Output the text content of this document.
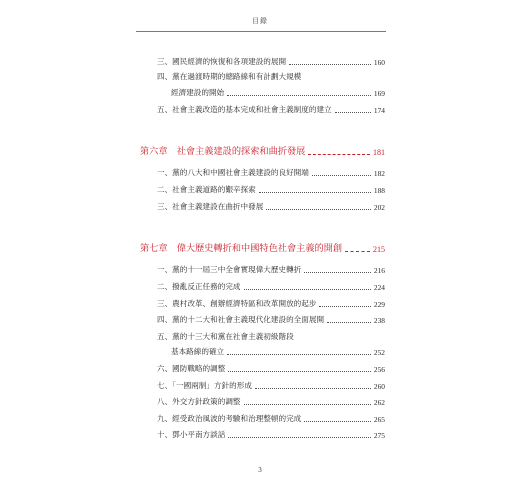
目錄
三、國民經濟的恢復和各項建設的展開	160
四、黨在過渡時期的總路線和有計劃大規模
經濟建設的開始	169
五、社會主義改造的基本完成和社會主義制度的建立	174
第六章　社會主義建設的探索和曲折發展	181
一、黨的八大和中國社會主義建設的良好開端	182
二、社會主義道路的艱辛探索	188
三、社會主義建設在曲折中發展	202
第七章　偉大歷史轉折和中國特色社會主義的開創	215
一、黨的十一屆三中全會實現偉大歷史轉折	216
二、撥亂反正任務的完成	224
三、農村改革、創辦經濟特區和改革開放的起步	229
四、黨的十二大和社會主義現代化建設的全面展開	238
五、黨的十三大和黨在社會主義初級階段
基本路線的確立	252
六、國防戰略的調整	256
七、「一國兩制」方針的形成	260
八、外交方針政策的調整	262
九、經受政治風波的考驗和治理整頓的完成	265
十、鄧小平南方談話	275
3
